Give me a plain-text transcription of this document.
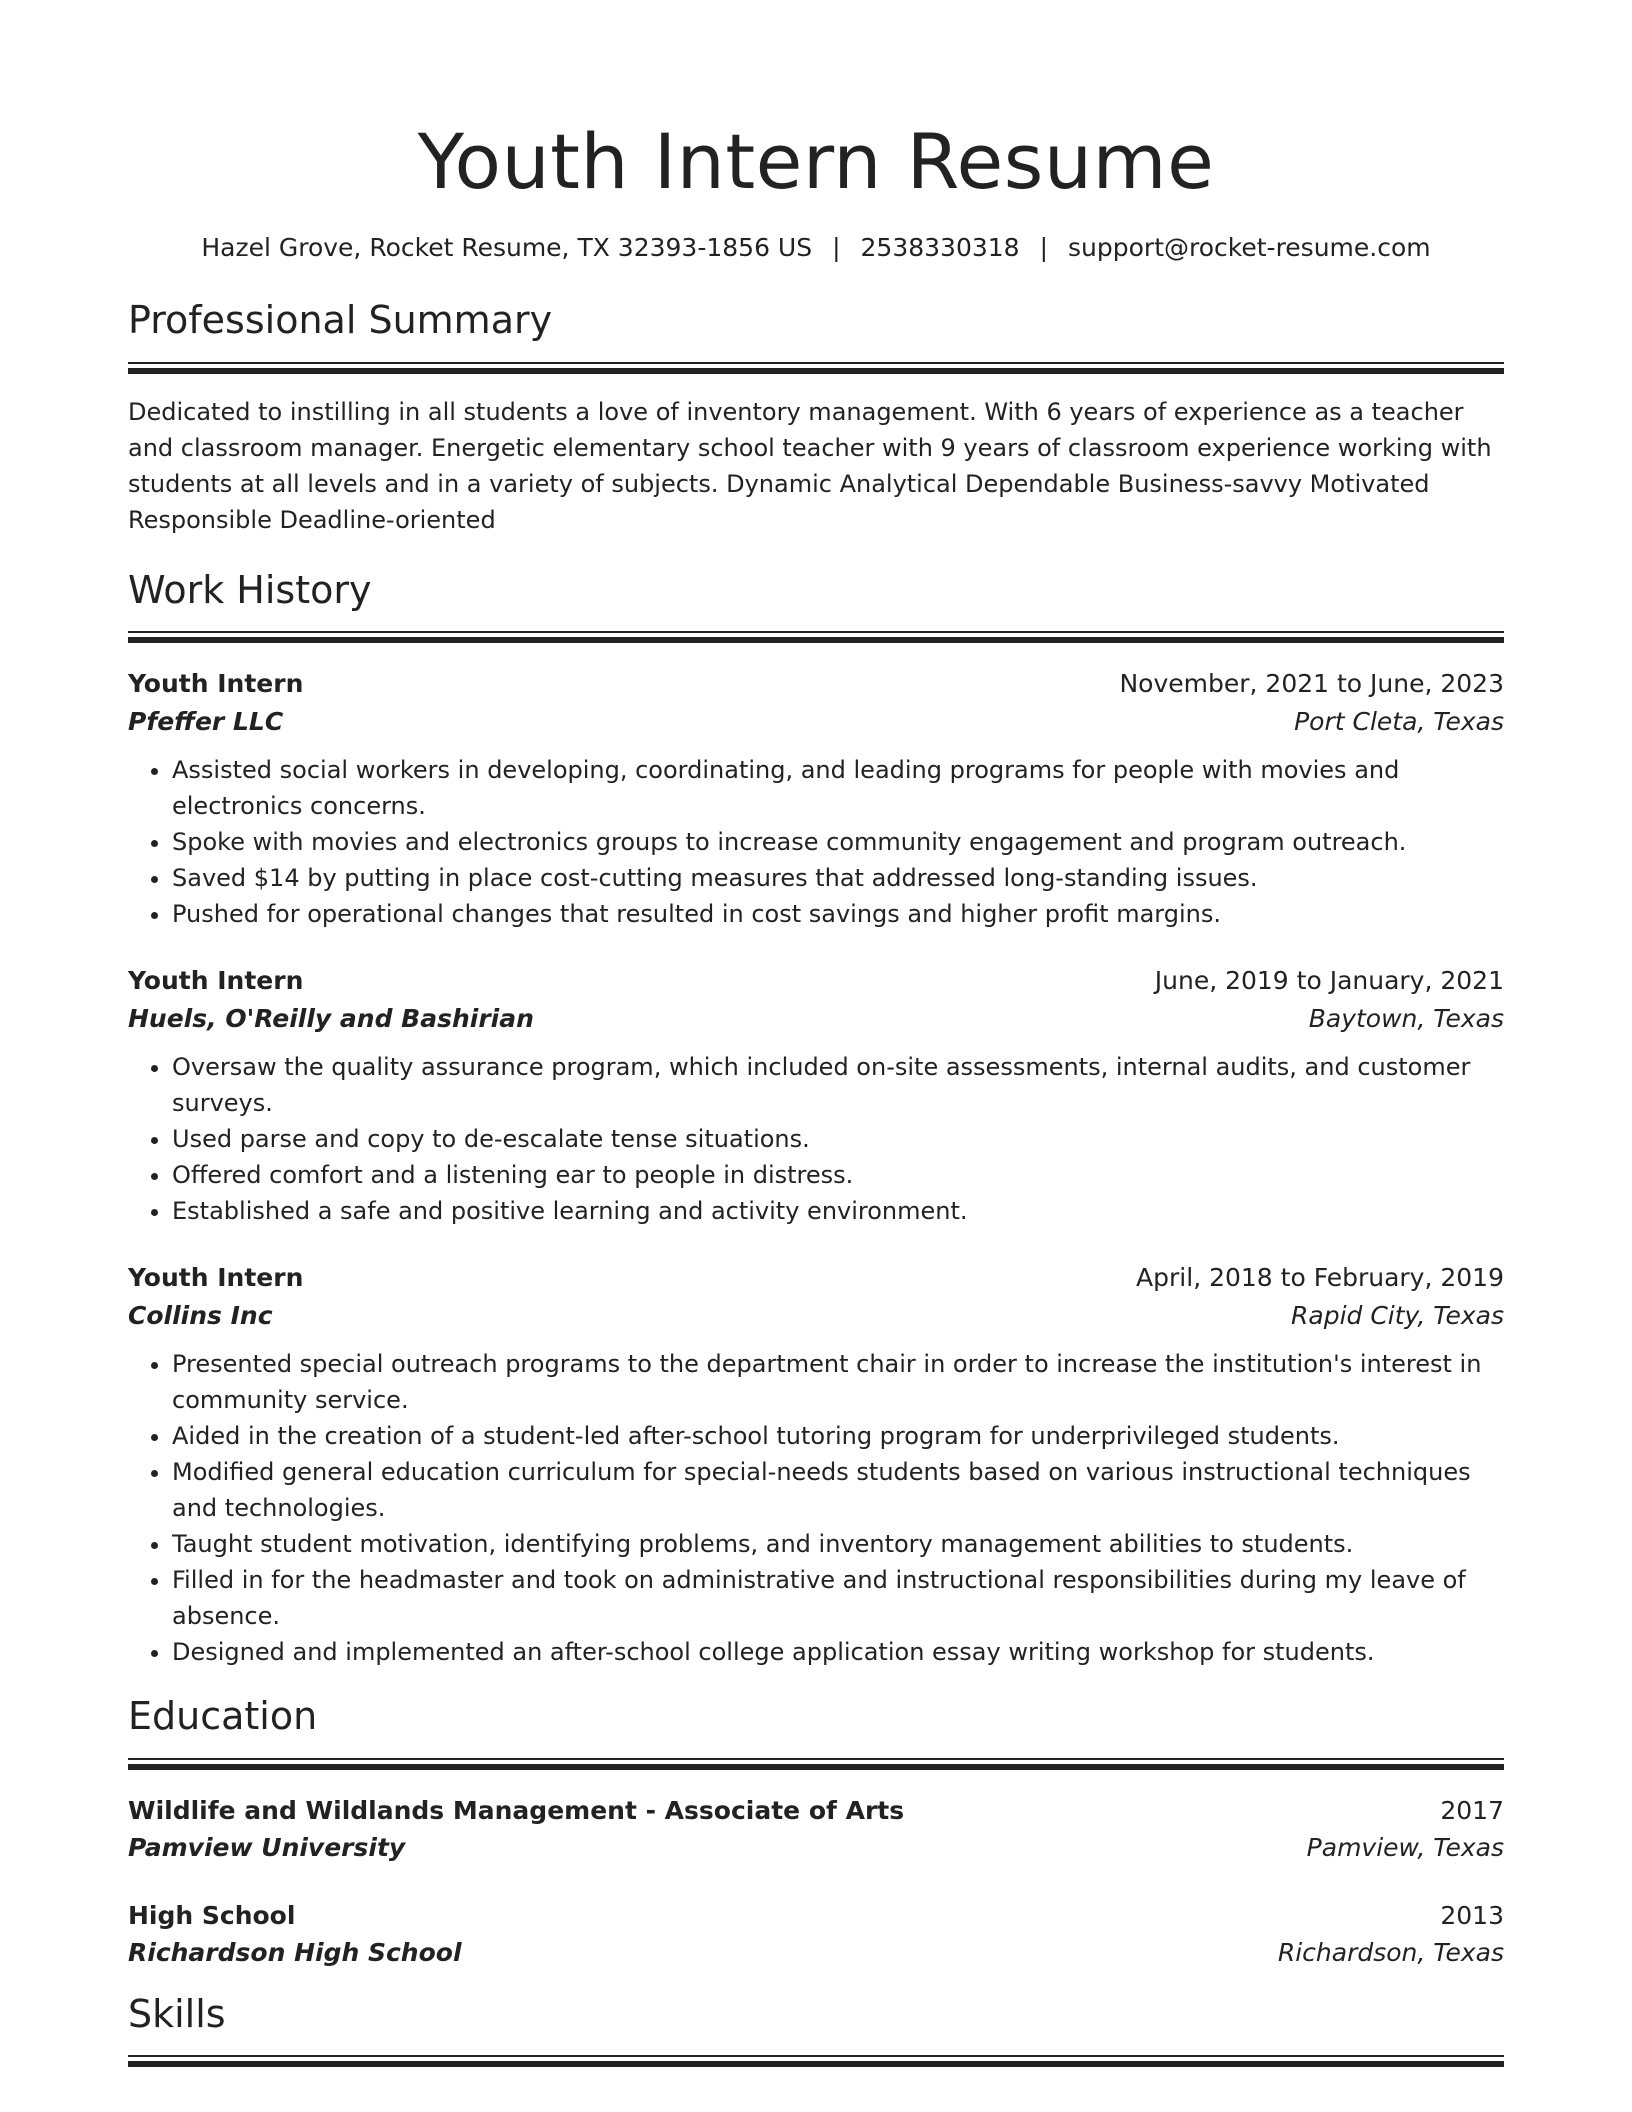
Youth Intern Resume
Hazel Grove, Rocket Resume, TX 32393-1856 US | 2538330318 | support@rocket-resume.com
Professional Summary
Dedicated to instilling in all students a love of inventory management. With 6 years of experience as a teacher and classroom manager. Energetic elementary school teacher with 9 years of classroom experience working with students at all levels and in a variety of subjects. Dynamic Analytical Dependable Business-savvy Motivated Responsible Deadline-oriented
Work History
Youth Intern	November, 2021 to June, 2023
Pfeffer LLC	Port Cleta, Texas
• Assisted social workers in developing, coordinating, and leading programs for people with movies and electronics concerns.
• Spoke with movies and electronics groups to increase community engagement and program outreach.
• Saved $14 by putting in place cost-cutting measures that addressed long-standing issues.
• Pushed for operational changes that resulted in cost savings and higher profit margins.
Youth Intern	June, 2019 to January, 2021
Huels, O'Reilly and Bashirian	Baytown, Texas
• Oversaw the quality assurance program, which included on-site assessments, internal audits, and customer surveys.
• Used parse and copy to de-escalate tense situations.
• Offered comfort and a listening ear to people in distress.
• Established a safe and positive learning and activity environment.
Youth Intern	April, 2018 to February, 2019
Collins Inc	Rapid City, Texas
• Presented special outreach programs to the department chair in order to increase the institution's interest in community service.
• Aided in the creation of a student-led after-school tutoring program for underprivileged students.
• Modified general education curriculum for special-needs students based on various instructional techniques and technologies.
• Taught student motivation, identifying problems, and inventory management abilities to students.
• Filled in for the headmaster and took on administrative and instructional responsibilities during my leave of absence.
• Designed and implemented an after-school college application essay writing workshop for students.
Education
Wildlife and Wildlands Management - Associate of Arts	2017
Pamview University	Pamview, Texas
High School	2013
Richardson High School	Richardson, Texas
Skills
